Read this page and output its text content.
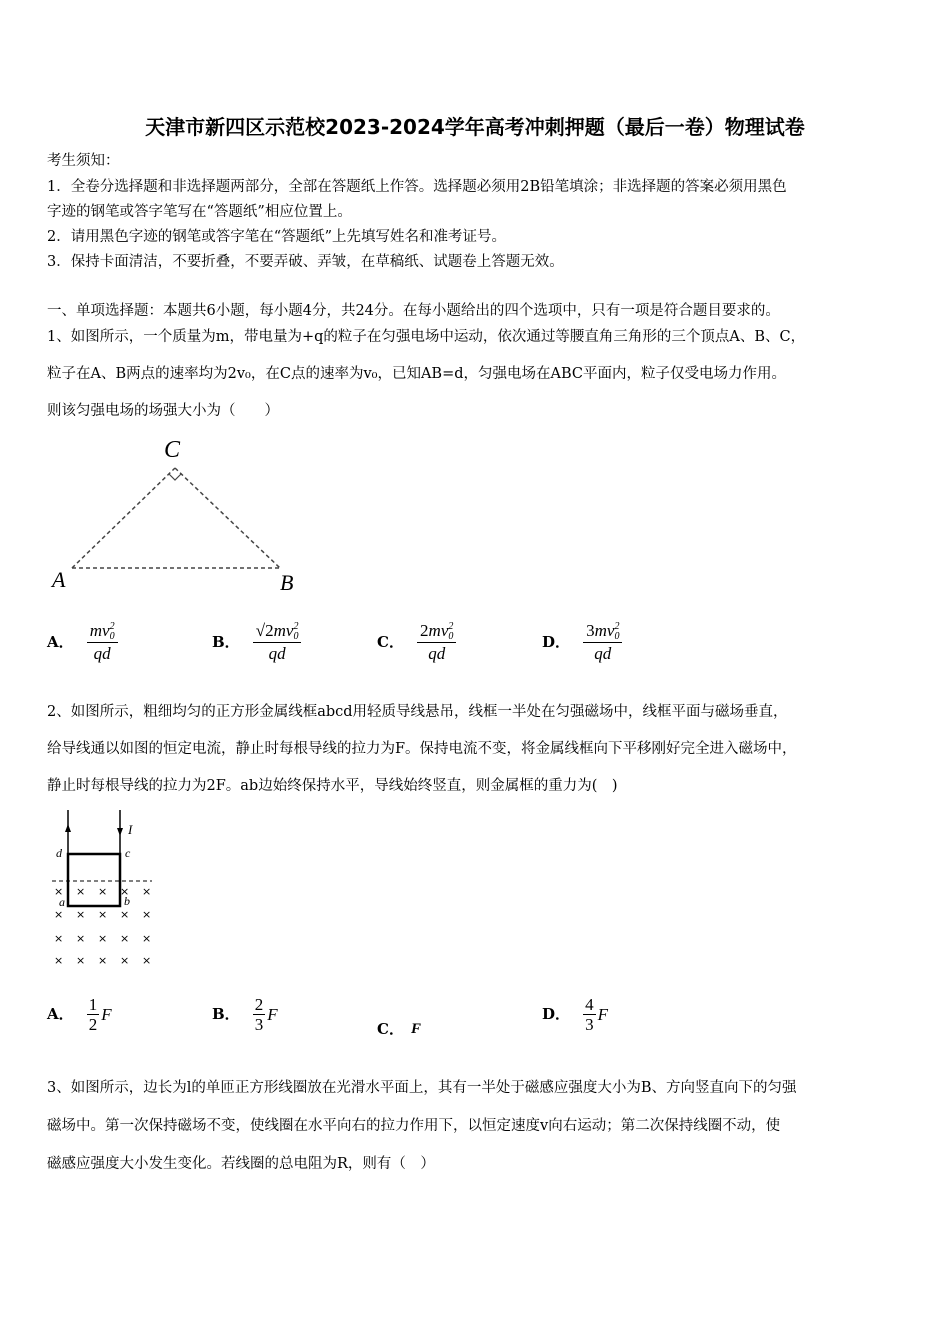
天津市新四区示范校2023-2024学年高考冲刺押题（最后一卷）物理试卷
考生须知：
1．全卷分选择题和非选择题两部分，全部在答题纸上作答。选择题必须用2B铅笔填涂；非选择题的答案必须用黑色
字迹的钢笔或答字笔写在“答题纸”相应位置上。
2．请用黑色字迹的钢笔或答字笔在“答题纸”上先填写姓名和准考证号。
3．保持卡面清洁，不要折叠，不要弄破、弄皱，在草稿纸、试题卷上答题无效。
一、单项选择题：本题共6小题，每小题4分，共24分。在每小题给出的四个选项中，只有一项是符合题目要求的。
1、如图所示，一个质量为m，带电量为+q的粒子在匀强电场中运动，依次通过等腰直角三角形的三个顶点A、B、C，
粒子在A、B两点的速率均为2v₀，在C点的速率为v₀，已知AB=d，匀强电场在ABC平面内，粒子仅受电场力作用。
则该匀强电场的场强大小为（　　）
C
A	B
A． mv 2
0
qd	B． √2mv 2
0
qd	C． 2mv 2
0
qd	D． 3mv 2
0
qd
2、如图所示，粗细均匀的正方形金属线框abcd用轻质导线悬吊，线框一半处在匀强磁场中，线框平面与磁场垂直，
给导线通以如图的恒定电流，静止时每根导线的拉力为F。保持电流不变，将金属线框向下平移刚好完全进入磁场中，
静止时每根导线的拉力为2F。ab边始终保持水平，导线始终竖直，则金属框的重力为(　)
I
d	c
a	b
× × × × ×
× × × × ×
× × × × ×
× × × × ×
A． $\frac{1}{2}$ F	B． $\frac{2}{3}$ F
C． F
D． $\frac{4}{3}$ F
3、如图所示，边长为l的单匝正方形线圈放在光滑水平面上，其有一半处于磁感应强度大小为B、方向竖直向下的匀强
磁场中。第一次保持磁场不变，使线圈在水平向右的拉力作用下，以恒定速度v向右运动；第二次保持线圈不动，使
磁感应强度大小发生变化。若线圈的总电阻为R，则有（　）
